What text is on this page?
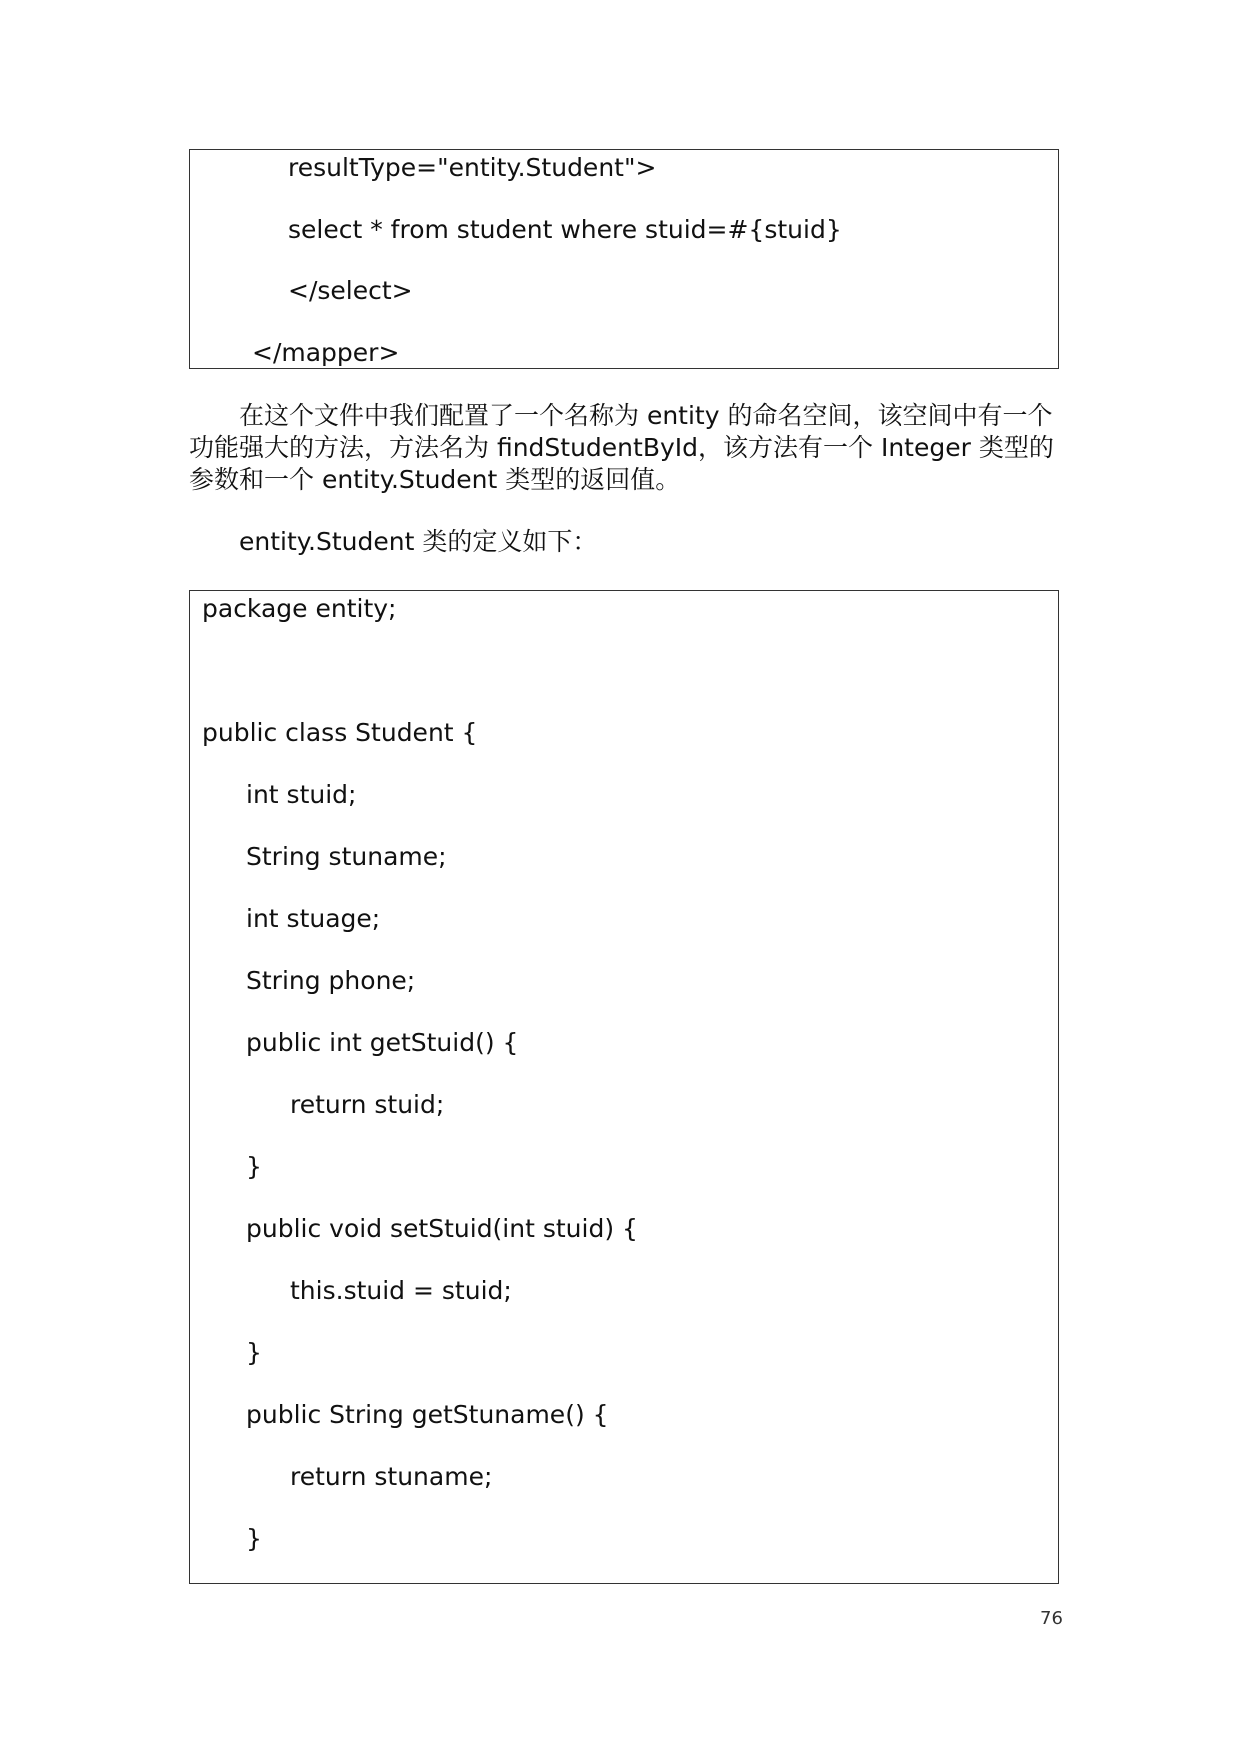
resultType="entity.Student">
select * from student where stuid=#{stuid}
</select>
</mapper>
在这个文件中我们配置了一个名称为 entity 的命名空间，该空间中有一个
功能强大的方法，方法名为 findStudentById，该方法有一个 Integer 类型的
参数和一个 entity.Student 类型的返回值。
entity.Student 类的定义如下：
package entity;
public class Student {
int stuid;
String stuname;
int stuage;
String phone;
public int getStuid() {
return stuid;
}
public void setStuid(int stuid) {
this.stuid = stuid;
}
public String getStuname() {
return stuname;
}
76
